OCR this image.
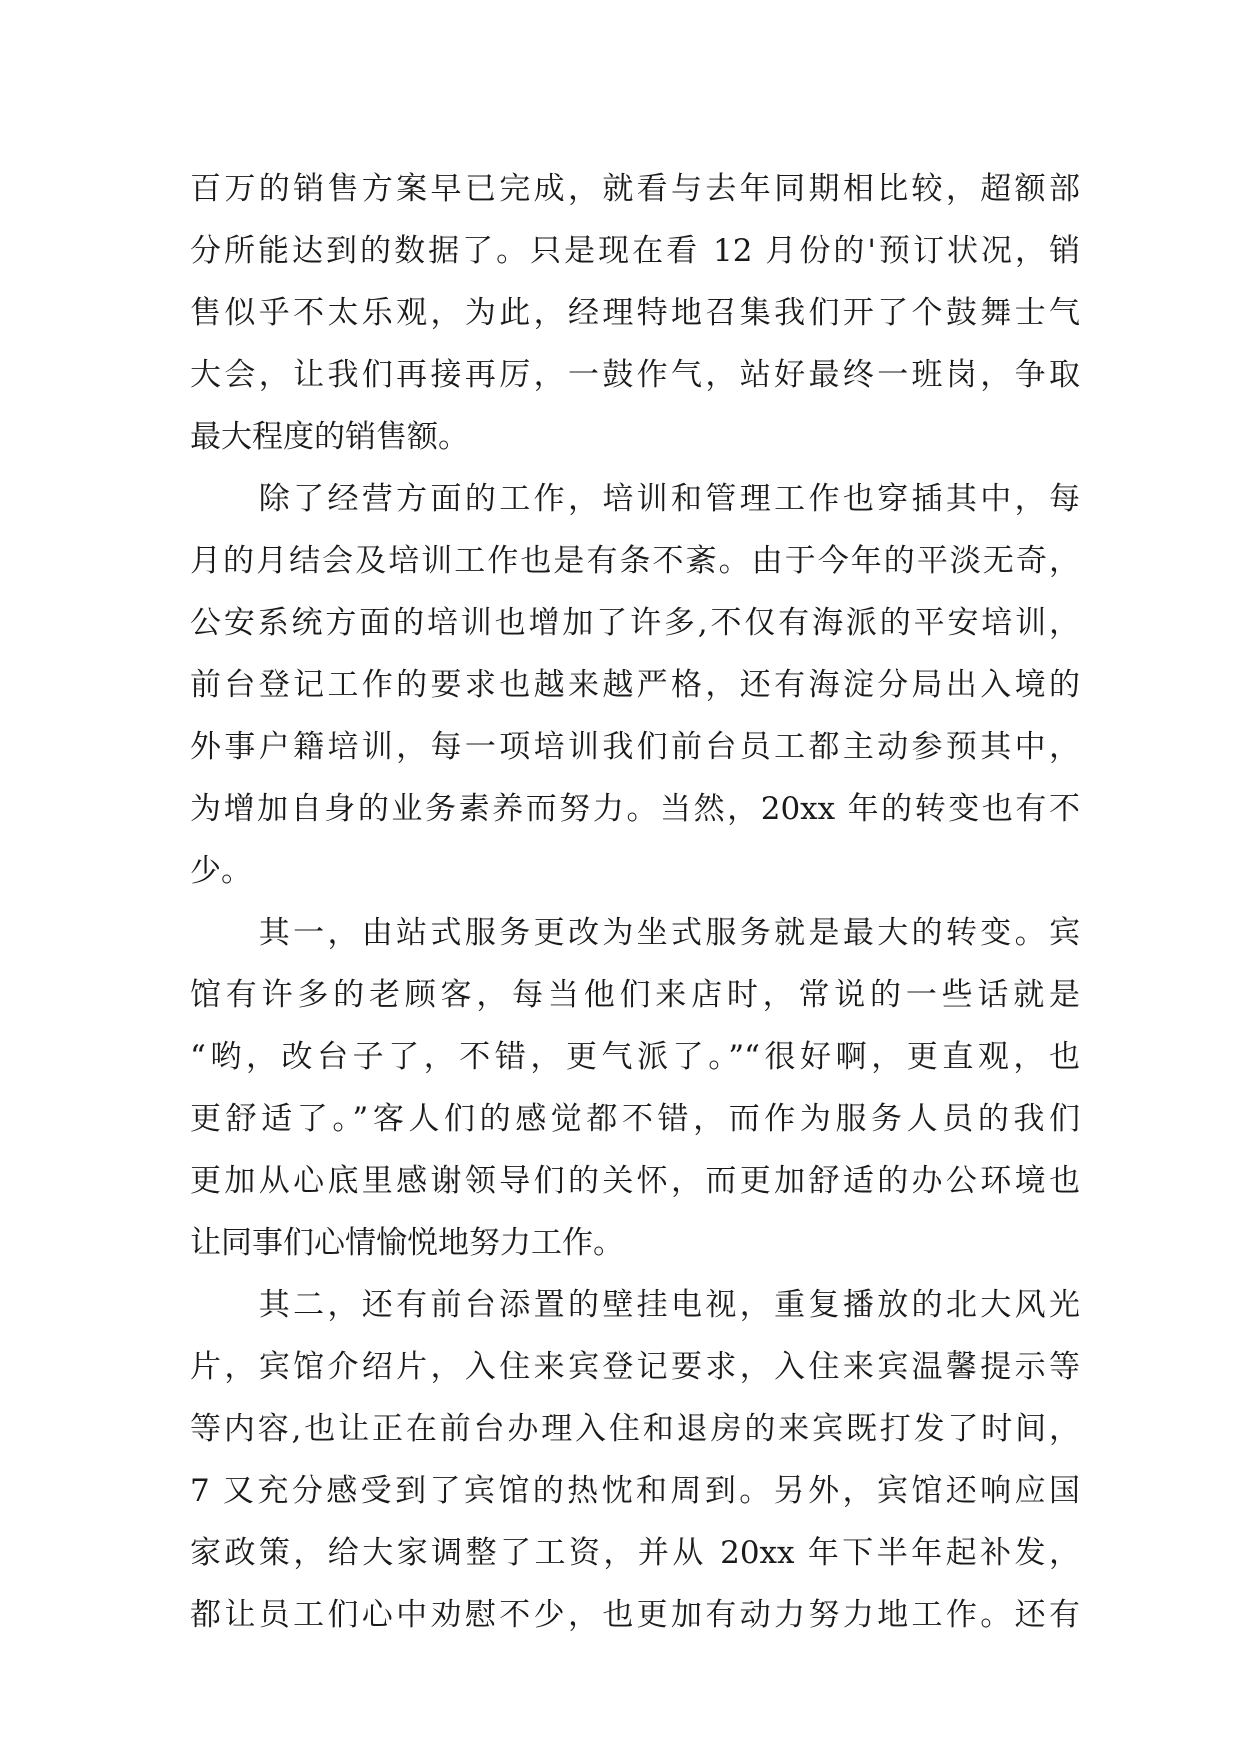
百万的销售方案早已完成，就看与去年同期相比较，超额部
分所能达到的数据了。只是现在看 12 月份的'预订状况，销
售似乎不太乐观，为此，经理特地召集我们开了个鼓舞士气
大会，让我们再接再厉，一鼓作气，站好最终一班岗，争取
最大程度的销售额。
　　除了经营方面的工作，培训和管理工作也穿插其中，每
月的月结会及培训工作也是有条不紊。由于今年的平淡无奇，
公安系统方面的培训也增加了许多,不仅有海派的平安培训，
前台登记工作的要求也越来越严格，还有海淀分局出入境的
外事户籍培训，每一项培训我们前台员工都主动参预其中，
为增加自身的业务素养而努力。当然，20xx 年的转变也有不
少。
　　其一，由站式服务更改为坐式服务就是最大的转变。宾
馆有许多的老顾客，每当他们来店时，常说的一些话就是
“哟，改台子了，不错，更气派了。”“很好啊，更直观，也
更舒适了。”客人们的感觉都不错，而作为服务人员的我们
更加从心底里感谢领导们的关怀，而更加舒适的办公环境也
让同事们心情愉悦地努力工作。
　　其二，还有前台添置的壁挂电视，重复播放的北大风光
片，宾馆介绍片，入住来宾登记要求，入住来宾温馨提示等
等内容,也让正在前台办理入住和退房的来宾既打发了时间，
7 又充分感受到了宾馆的热忱和周到。另外，宾馆还响应国
家政策，给大家调整了工资，并从 20xx 年下半年起补发，
都让员工们心中劝慰不少，也更加有动力努力地工作。还有
